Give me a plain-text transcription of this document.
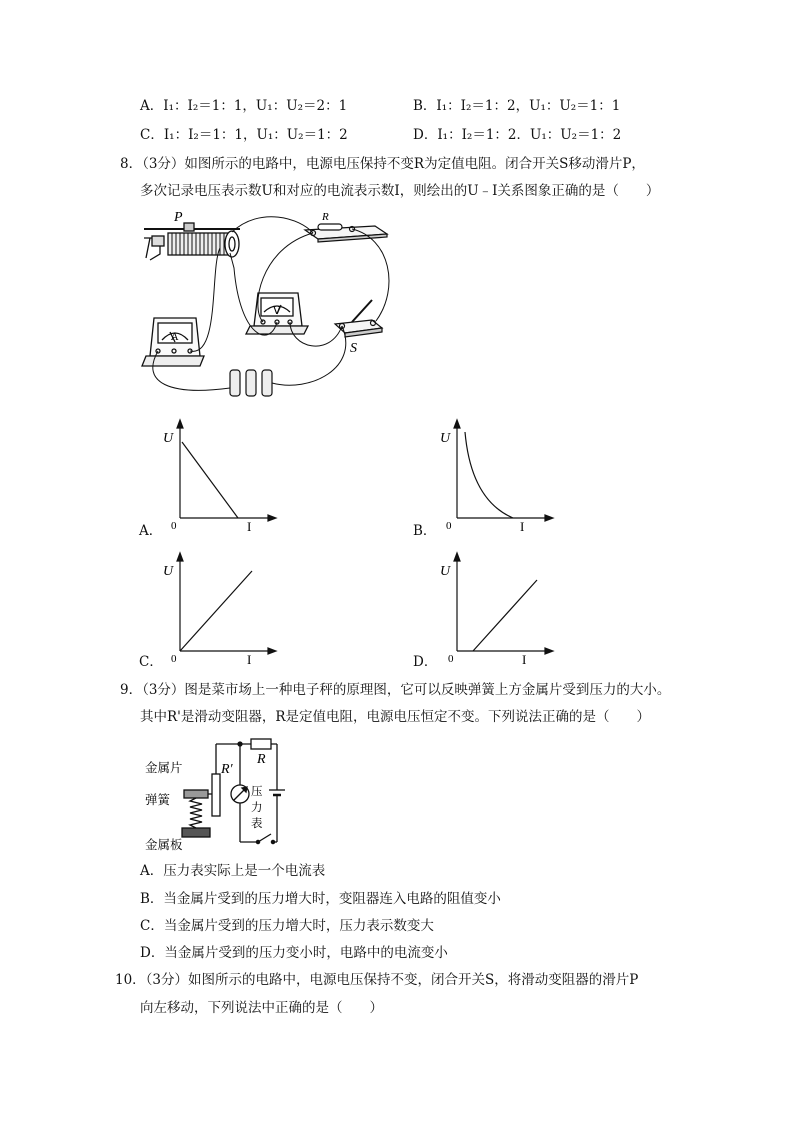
A．I₁：I₂＝1：1，U₁：U₂＝2：1	B．I₁：I₂＝1：2，U₁：U₂＝1：1
C．I₁：I₂＝1：1，U₁：U₂＝1：2	D．I₁：I₂＝1：2．U₁：U₂＝1：2
8．（3分）如图所示的电路中，电源电压保持不变R为定值电阻。闭合开关S移动滑片P，
多次记录电压表示数U和对应的电流表示数I，则绘出的U﹣I关系图象正确的是（　　）
P	R
V
A
S
U
I
0
A．
U
I
0
B．
U
I
0
C．
U
I
0
D．
9．（3分）图是菜市场上一种电子秤的原理图，它可以反映弹簧上方金属片受到压力的大小。
其中R'是滑动变阻器，R是定值电阻，电源电压恒定不变。下列说法正确的是（　　）
金属片
弹簧
金属板
R′
R
压
力
表
A．压力表实际上是一个电流表
B．当金属片受到的压力增大时，变阻器连入电路的阻值变小
C．当金属片受到的压力增大时，压力表示数变大
D．当金属片受到的压力变小时，电路中的电流变小
10．（3分）如图所示的电路中，电源电压保持不变，闭合开关S，将滑动变阻器的滑片P
向左移动，下列说法中正确的是（　　）
